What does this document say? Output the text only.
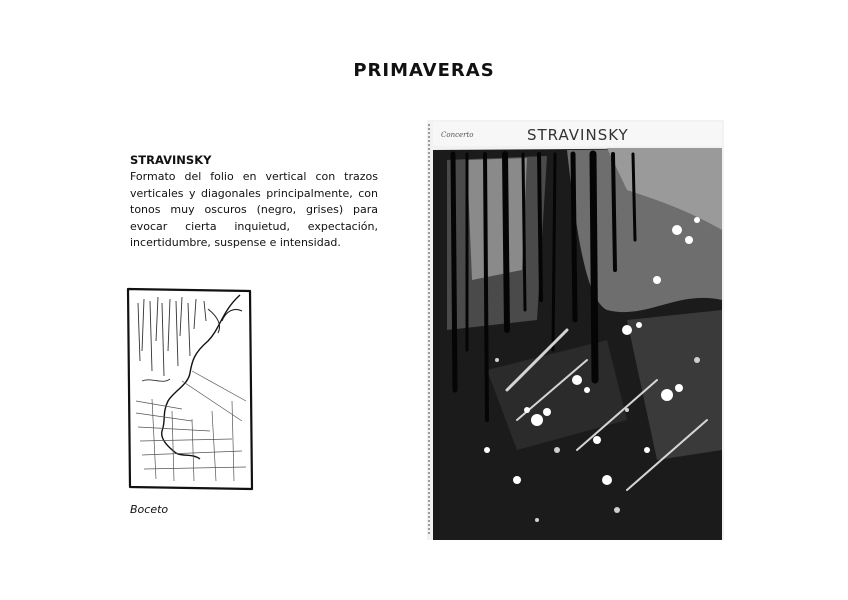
PRIMAVERAS

STRAVINSKY

Formato del folio en vertical con trazos verticales y diagonales principalmente, con tonos muy oscuros (negro, grises) para evocar cierta inquietud, expectación, incertidumbre, suspense e intensidad.

Boceto
Concerto	STRAVINSKY
